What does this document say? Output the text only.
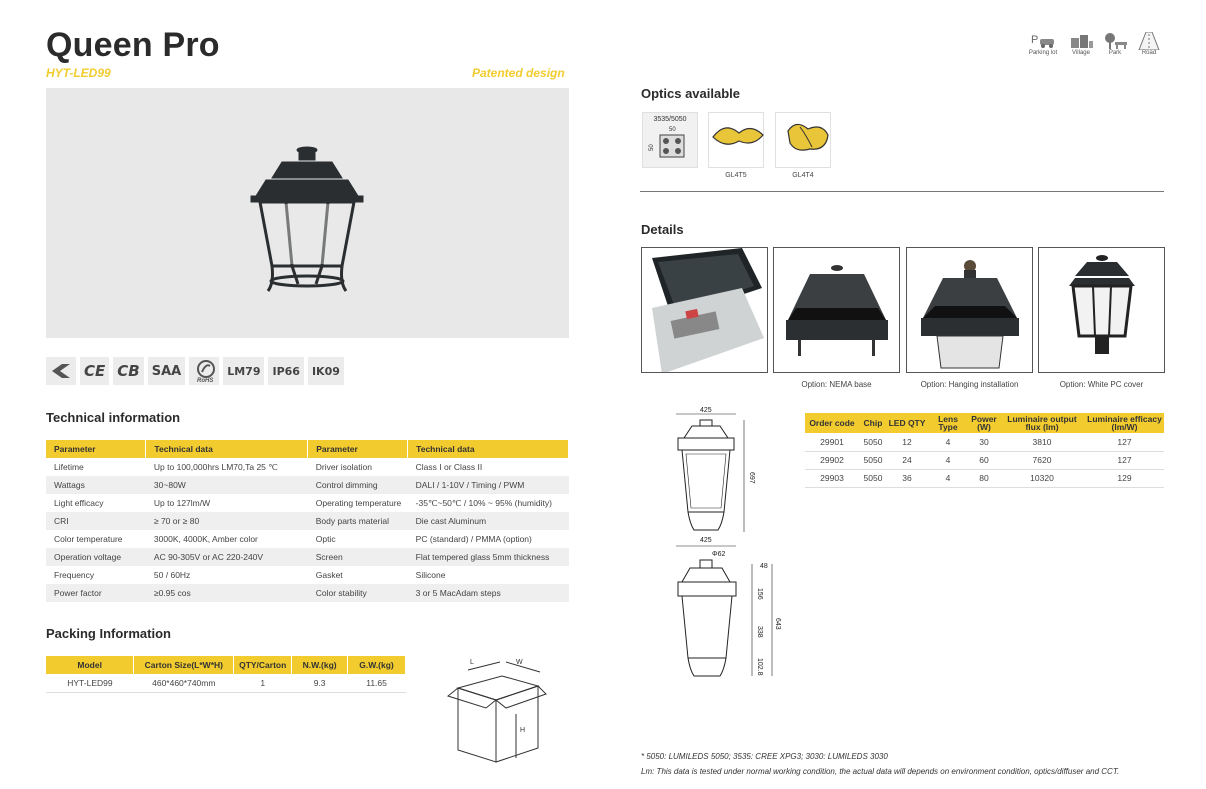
Queen Pro
HYT-LED99	Patented design
P
Parking lot Village	Park	Road
CE CB SAA
RoHS
LM79	IP66	IK09
Technical information
Parameter	Technical data	Parameter	Technical data
Lifetime	Up to 100,000hrs LM70,Ta 25 ℃	Driver isolation	Class I or Class II
Wattags	30~80W	Control dimming	DALI / 1-10V / Timing / PWM
Light efficacy	Up to 127lm/W	Operating temperature	-35℃~50℃ / 10% ~ 95% (humidity)
CRI	≥ 70 or ≥ 80	Body parts material	Die cast Aluminum
Color temperature	3000K, 4000K, Amber color	Optic	PC (standard) / PMMA (option)
Operation voltage	AC 90-305V or AC 220-240V	Screen	Flat tempered glass 5mm thickness
Frequency	50 / 60Hz	Gasket	Silicone
Power factor	≥0.95 cos	Color stability	3 or 5 MacAdam steps
Packing Information
Model	Carton Size(L*W*H)	QTY/Carton	N.W.(kg)	G.W.(kg)
HYT-LED99	460*460*740mm	1	9.3	11.65
L	W
H
Optics available
3535/5050
50
50
GL4T5	GL4T4
Details
Option: NEMA base	Option: Hanging installation	Option: White PC cover
425
697
425
Φ62
48
156
338
102.8
643
Order code	Chip	LED QTY	Lens Type	Power (W)	Luminaire output flux (lm)	Luminaire efficacy (lm/W)
29901	5050	12	4	30	3810	127
29902	5050	24	4	60	7620	127
29903	5050	36	4	80	10320	129
* 5050: LUMILEDS 5050; 3535: CREE XPG3; 3030: LUMILEDS 3030
Lm: This data is tested under normal working condition, the actual data will depends on environment condition, optics/diffuser and CCT.
